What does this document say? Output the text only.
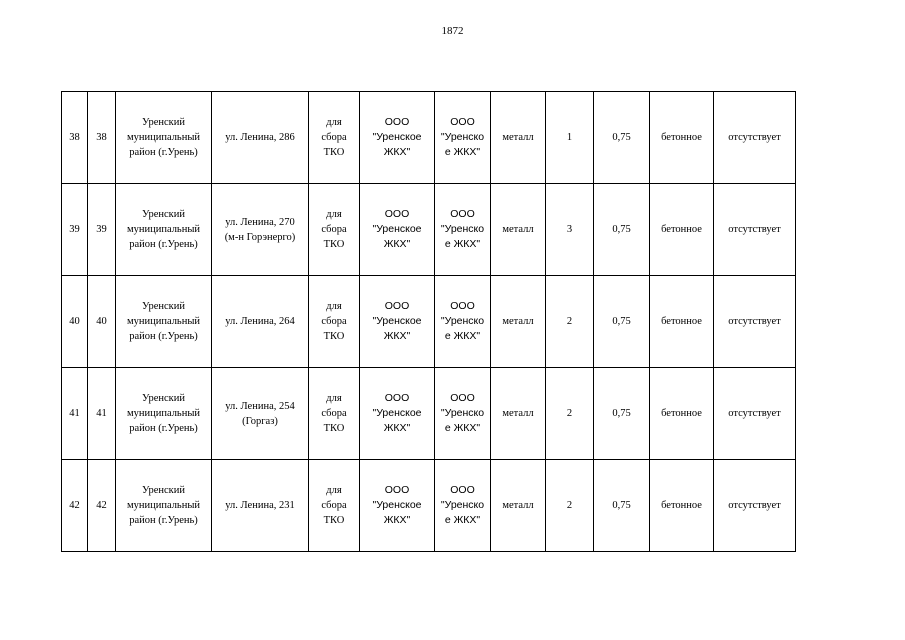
1872
38	38	Уренский
муниципальный
район (г.Урень)	ул. Ленина, 286	для
сбора
ТКО	ООО
"Уренское
ЖКХ"	ООО
"Уренско
е ЖКХ"	металл	1	0,75	бетонное	отсутствует
39	39	Уренский
муниципальный
район (г.Урень)	ул. Ленина, 270
(м-н Горэнерго)	для
сбора
ТКО	ООО
"Уренское
ЖКХ"	ООО
"Уренско
е ЖКХ"	металл	3	0,75	бетонное	отсутствует
40	40	Уренский
муниципальный
район (г.Урень)	ул. Ленина, 264	для
сбора
ТКО	ООО
"Уренское
ЖКХ"	ООО
"Уренско
е ЖКХ"	металл	2	0,75	бетонное	отсутствует
41	41	Уренский
муниципальный
район (г.Урень)	ул. Ленина, 254
(Горгаз)	для
сбора
ТКО	ООО
"Уренское
ЖКХ"	ООО
"Уренско
е ЖКХ"	металл	2	0,75	бетонное	отсутствует
42	42	Уренский
муниципальный
район (г.Урень)	ул. Ленина, 231	для
сбора
ТКО	ООО
"Уренское
ЖКХ"	ООО
"Уренско
е ЖКХ"	металл	2	0,75	бетонное	отсутствует
